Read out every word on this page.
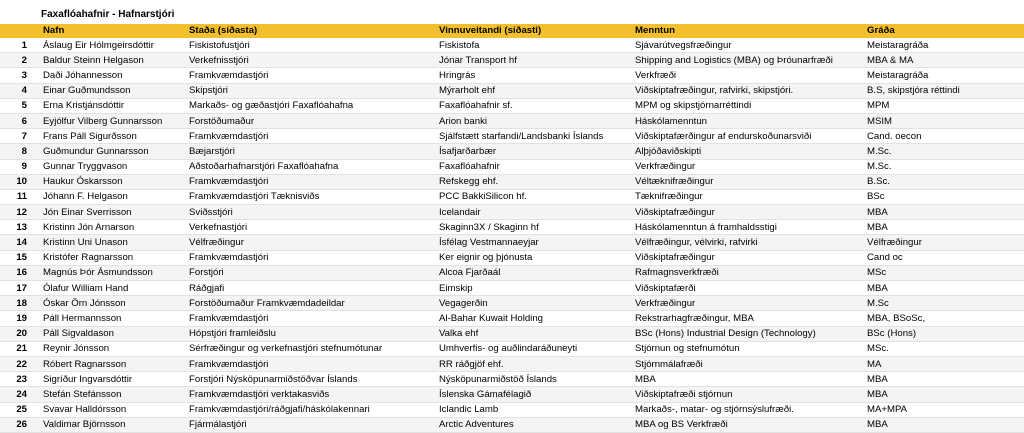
Faxaflóahafnir - Hafnarstjóri
	Nafn	Staða (síðasta)	Vinnuveitandi (síðasti)	Menntun	Gráða
1	Áslaug Eir Hólmgeirsdóttir	Fiskistofustjóri	Fiskistofa	Sjávarútvegsfræðingur	Meistaragráða
2	Baldur Steinn Helgason	Verkefnisstjóri	Jónar Transport hf	Shipping and Logistics (MBA) og Þróunarfræði	MBA & MA
3	Daði Jóhannesson	Framkvæmdastjóri	Hringrás	Verkfræði	Meistaragráða
4	Einar Guðmundsson	Skipstjóri	Mýrarholt ehf	Viðskiptafræðingur, rafvirki, skipstjóri.	B.S, skipstjóra réttindi
5	Erna Kristjánsdóttir	Markaðs- og gæðastjóri Faxaflóahafna	Faxaflóahafnir sf.	MPM og skipstjórnarréttindi	MPM
6	Eyjólfur Vilberg Gunnarsson	Forstöðumaður	Arion banki	Háskólamenntun	MSIM
7	Frans Páll Sigurðsson	Framkvæmdastjóri	Sjálfstætt starfandi/Landsbanki Íslands	Viðskiptafærðingur af endurskoðunarsviði	Cand. oecon
8	Guðmundur Gunnarsson	Bæjarstjóri	Ísafjarðarbær	Alþjóðaviðskipti	M.Sc.
9	Gunnar Tryggvason	Aðstoðarhafnarstjóri Faxaflóahafna	Faxaflóahafnir	Verkfræðingur	M.Sc.
10	Haukur Óskarsson	Framkvæmdastjóri	Refskegg ehf.	Véltæknifræðingur	B.Sc.
11	Jóhann F. Helgason	Framkvæmdastjóri Tæknisviðs	PCC BakkiSilicon hf.	Tæknifræðingur	BSc
12	Jón Einar Sverrisson	Sviðsstjóri	Icelandair	Viðskiptafræðingur	MBA
13	Kristinn Jón Arnarson	Verkefnastjóri	Skaginn3X / Skaginn hf	Háskólamenntun á framhaldsstigi	MBA
14	Kristinn Uni Unason	Vélfræðingur	Ísfélag Vestmannaeyjar	Vélfræðingur, vélvirki, rafvirki	Vélfræðingur
15	Kristófer Ragnarsson	Framkvæmdastjóri	Ker eignir og þjónusta	Viðskiptafræðingur	Cand oc
16	Magnús Þór Ásmundsson	Forstjóri	Alcoa Fjarðaál	Rafmagnsverkfræði	MSc
17	Ólafur William Hand	Ráðgjafi	Eimskip	Viðskiptafærði	MBA
18	Óskar Örn Jónsson	Forstöðumaður Framkvæmdadeildar	Vegagerðin	Verkfræðingur	M.Sc
19	Páll Hermannsson	Framkvæmdastjóri	Al-Bahar Kuwait Holding	Rekstrarhagfræðingur, MBA	MBA, BSoSc,
20	Páll Sigvaldason	Hópstjóri framleiðslu	Valka ehf	BSc (Hons) Industrial Design (Technology)	BSc (Hons)
21	Reynir Jónsson	Sérfræðingur og verkefnastjóri stefnumótunar	Umhverfis- og auðlindaráðuneyti	Stjórnun og stefnumótun	MSc.
22	Róbert Ragnarsson	Framkvæmdastjóri	RR ráðgjöf ehf.	Stjórnmálafræði	MA
23	Sigríður Ingvarsdóttir	Forstjóri Nýsköpunarmiðstöðvar Íslands	Nýsköpunarmiðstöð Íslands	MBA	MBA
24	Stefán Stefánsson	Framkvæmdastjóri verktakasviðs	Íslenska Gámafélagið	Viðskiptafræði stjórnun	MBA
25	Svavar Halldórsson	Framkvæmdastjóri/ráðgjafi/háskólakennari	Iclandic Lamb	Markaðs-, matar- og stjórnsýslufræði.	MA+MPA
26	Valdimar Björnsson	Fjármálastjóri	Arctic Adventures	MBA og BS Verkfræði	MBA
